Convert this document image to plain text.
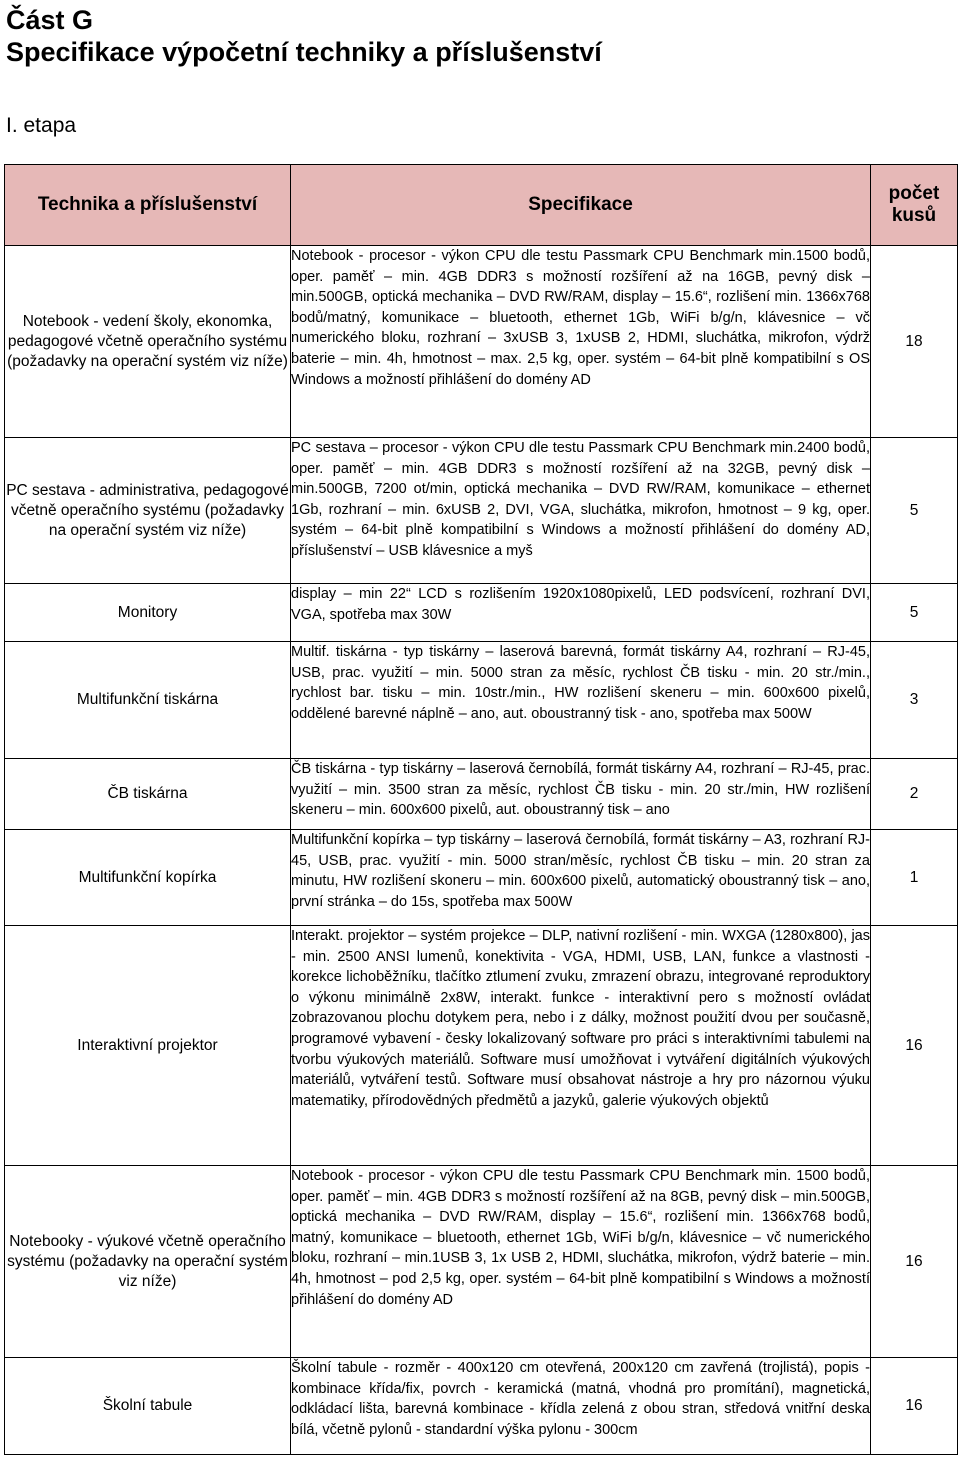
Část G
Specifikace výpočetní techniky a příslušenství
I. etapa
Technika a příslušenství	Specifikace	počet kusů
Notebook - vedení školy, ekonomka, pedagogové včetně operačního systému (požadavky na operační systém viz níže)	Notebook - procesor - výkon CPU dle testu Passmark CPU Benchmark min.1500 bodů, oper. paměť – min. 4GB DDR3 s možností rozšíření až na 16GB, pevný disk – min.500GB, optická mechanika – DVD RW/RAM, display – 15.6“, rozlišení min. 1366x768 bodů/matný, komunikace – bluetooth, ethernet 1Gb, WiFi b/g/n, klávesnice – vč numerického bloku, rozhraní – 3xUSB 3, 1xUSB 2, HDMI, sluchátka, mikrofon, výdrž baterie – min. 4h, hmotnost – max. 2,5 kg, oper. systém – 64-bit plně kompatibilní s OS Windows a možností přihlášení do domény AD	18
PC sestava - administrativa, pedagogové včetně operačního systému (požadavky na operační systém viz níže)	PC sestava – procesor - výkon CPU dle testu Passmark CPU Benchmark min.2400 bodů, oper. paměť – min. 4GB DDR3 s možností rozšíření až na 32GB, pevný disk – min.500GB, 7200 ot/min, optická mechanika – DVD RW/RAM, komunikace – ethernet 1Gb, rozhraní – min. 6xUSB 2, DVI, VGA, sluchátka, mikrofon, hmotnost – 9 kg, oper. systém – 64-bit plně kompatibilní s Windows a možností přihlášení do domény AD, příslušenství – USB klávesnice a myš	5
Monitory	display – min 22“ LCD s rozlišením 1920x1080pixelů, LED podsvícení, rozhraní DVI, VGA, spotřeba max 30W	5
Multifunkční tiskárna	Multif. tiskárna - typ tiskárny – laserová barevná, formát tiskárny A4, rozhraní – RJ-45, USB, prac. využití – min. 5000 stran za měsíc, rychlost ČB tisku - min. 20 str./min., rychlost bar. tisku – min. 10str./min., HW rozlišení skeneru – min. 600x600 pixelů, oddělené barevné náplně – ano, aut. oboustranný tisk - ano, spotřeba max 500W	3
ČB tiskárna	ČB tiskárna - typ tiskárny – laserová černobílá, formát tiskárny A4, rozhraní – RJ-45, prac. využití – min. 3500 stran za měsíc, rychlost ČB tisku - min. 20 str./min, HW rozlišení skeneru – min. 600x600 pixelů, aut. oboustranný tisk – ano	2
Multifunkční kopírka	Multifunkční kopírka – typ tiskárny – laserová černobílá, formát tiskárny – A3, rozhraní RJ-45, USB, prac. využití - min. 5000 stran/měsíc, rychlost ČB tisku – min. 20 stran za minutu, HW rozlišení skoneru – min. 600x600 pixelů, automatický oboustranný tisk – ano, první stránka – do 15s, spotřeba max 500W	1
Interaktivní projektor	Interakt. projektor – systém projekce – DLP, nativní rozlišení - min. WXGA (1280x800), jas - min. 2500 ANSI lumenů, konektivita - VGA, HDMI, USB, LAN, funkce a vlastnosti - korekce lichoběžníku, tlačítko ztlumení zvuku, zmrazení obrazu, integrované reproduktory o výkonu minimálně 2x8W, interakt. funkce - interaktivní pero s možností ovládat zobrazovanou plochu dotykem pera, nebo i z dálky, možnost použití dvou per současně, programové vybavení - česky lokalizovaný software pro práci s interaktivními tabulemi na tvorbu výukových materiálů. Software musí umožňovat i vytváření digitálních výukových materiálů, vytváření testů. Software musí obsahovat nástroje a hry pro názornou výuku matematiky, přírodovědných předmětů a jazyků, galerie výukových objektů	16
Notebooky - výukové včetně operačního systému (požadavky na operační systém viz níže)	Notebook - procesor - výkon CPU dle testu Passmark CPU Benchmark min. 1500 bodů, oper. paměť – min. 4GB DDR3 s možností rozšíření až na 8GB, pevný disk – min.500GB, optická mechanika – DVD RW/RAM, display – 15.6“, rozlišení min. 1366x768 bodů, matný, komunikace – bluetooth, ethernet 1Gb, WiFi b/g/n, klávesnice – vč numerického bloku, rozhraní – min.1USB 3, 1x USB 2, HDMI, sluchátka, mikrofon, výdrž baterie – min. 4h, hmotnost – pod 2,5 kg, oper. systém – 64-bit plně kompatibilní s Windows a možností přihlášení do domény AD	16
Školní tabule	Školní tabule - rozměr - 400x120 cm otevřená, 200x120 cm zavřená (trojlistá), popis - kombinace křída/fix, povrch - keramická (matná, vhodná pro promítání), magnetická, odkládací lišta, barevná kombinace - křídla zelená z obou stran, středová vnitřní deska bílá, včetně pylonů - standardní výška pylonu - 300cm	16
